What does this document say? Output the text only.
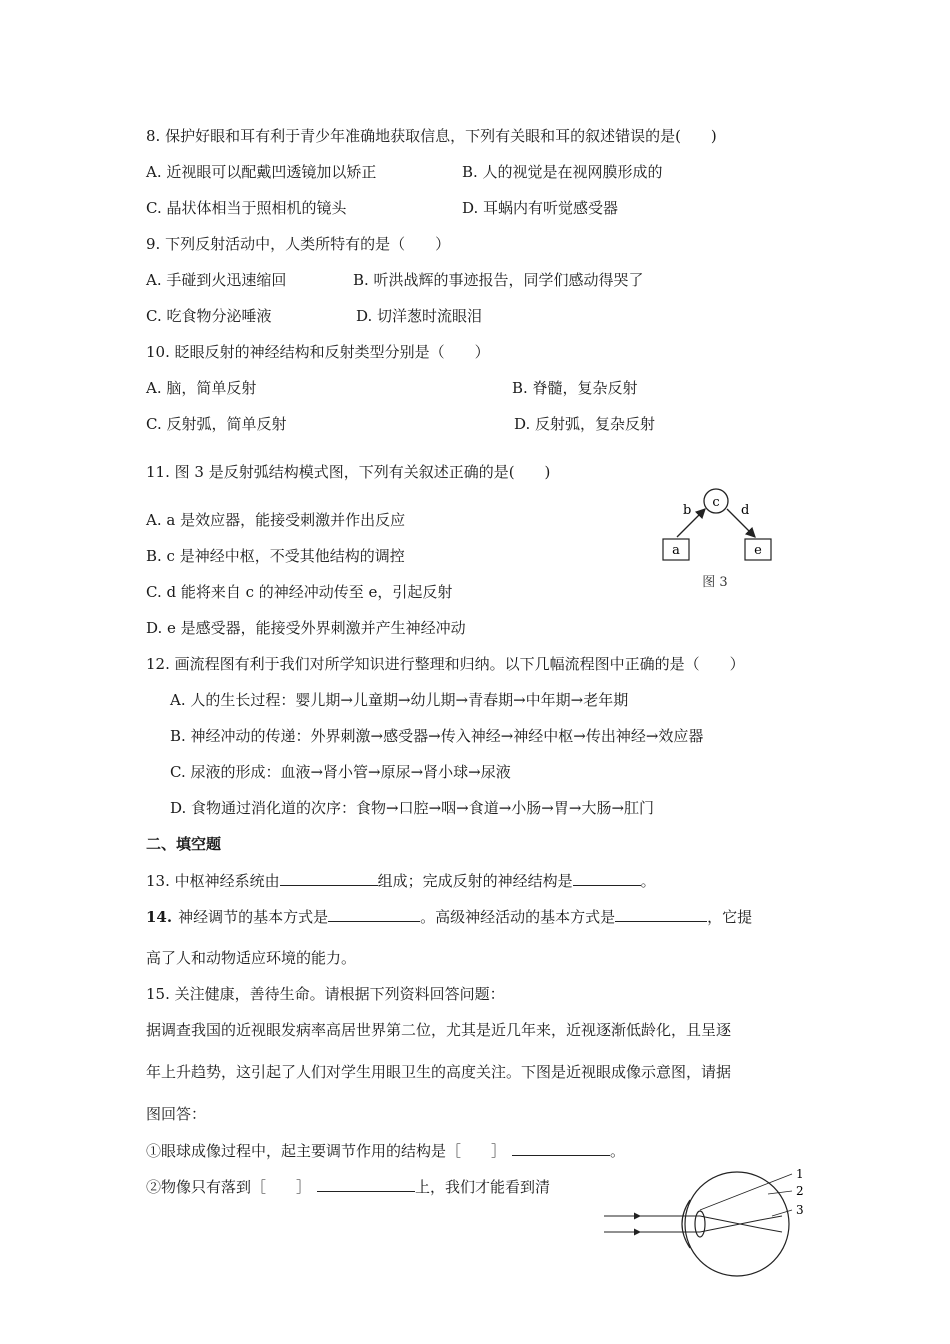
8. 保护好眼和耳有利于青少年准确地获取信息，下列有关眼和耳的叙述错误的是(　　)
A. 近视眼可以配戴凹透镜加以矫正	B. 人的视觉是在视网膜形成的
C. 晶状体相当于照相机的镜头	D. 耳蜗内有听觉感受器
9. 下列反射活动中，人类所特有的是（　　）
A. 手碰到火迅速缩回	B. 听洪战辉的事迹报告，同学们感动得哭了
C. 吃食物分泌唾液	D. 切洋葱时流眼泪
10. 眨眼反射的神经结构和反射类型分别是（　　）
A. 脑，简单反射	B. 脊髓，复杂反射
C. 反射弧，简单反射	D. 反射弧，复杂反射
11. 图 3 是反射弧结构模式图，下列有关叙述正确的是(　　)
A. a 是效应器，能接受刺激并作出反应
B. c 是神经中枢，不受其他结构的调控
C. d 能将来自 c 的神经冲动传至 e，引起反射
D. e 是感受器，能接受外界刺激并产生神经冲动
c
b	d
a	e
图 3
12. 画流程图有利于我们对所学知识进行整理和归纳。以下几幅流程图中正确的是（　　）
A. 人的生长过程：婴儿期→儿童期→幼儿期→青春期→中年期→老年期
B. 神经冲动的传递：外界刺激→感受器→传入神经→神经中枢→传出神经→效应器
C. 尿液的形成：血液→肾小管→原尿→肾小球→尿液
D. 食物通过消化道的次序：食物→口腔→咽→食道→小肠→胃→大肠→肛门
二、填空题
13. 中枢神经系统由	组成；完成反射的神经结构是	。
14. 神经调节的基本方式是	。高级神经活动的基本方式是	，它提
高了人和动物适应环境的能力。
15. 关注健康，善待生命。请根据下列资料回答问题：
据调查我国的近视眼发病率高居世界第二位，尤其是近几年来，近视逐渐低龄化，且呈逐
年上升趋势，这引起了人们对学生用眼卫生的高度关注。下图是近视眼成像示意图，请据
图回答：
①眼球成像过程中，起主要调节作用的结构是［　　］	。
②物像只有落到［　　］	上，我们才能看到清
1
2
3
